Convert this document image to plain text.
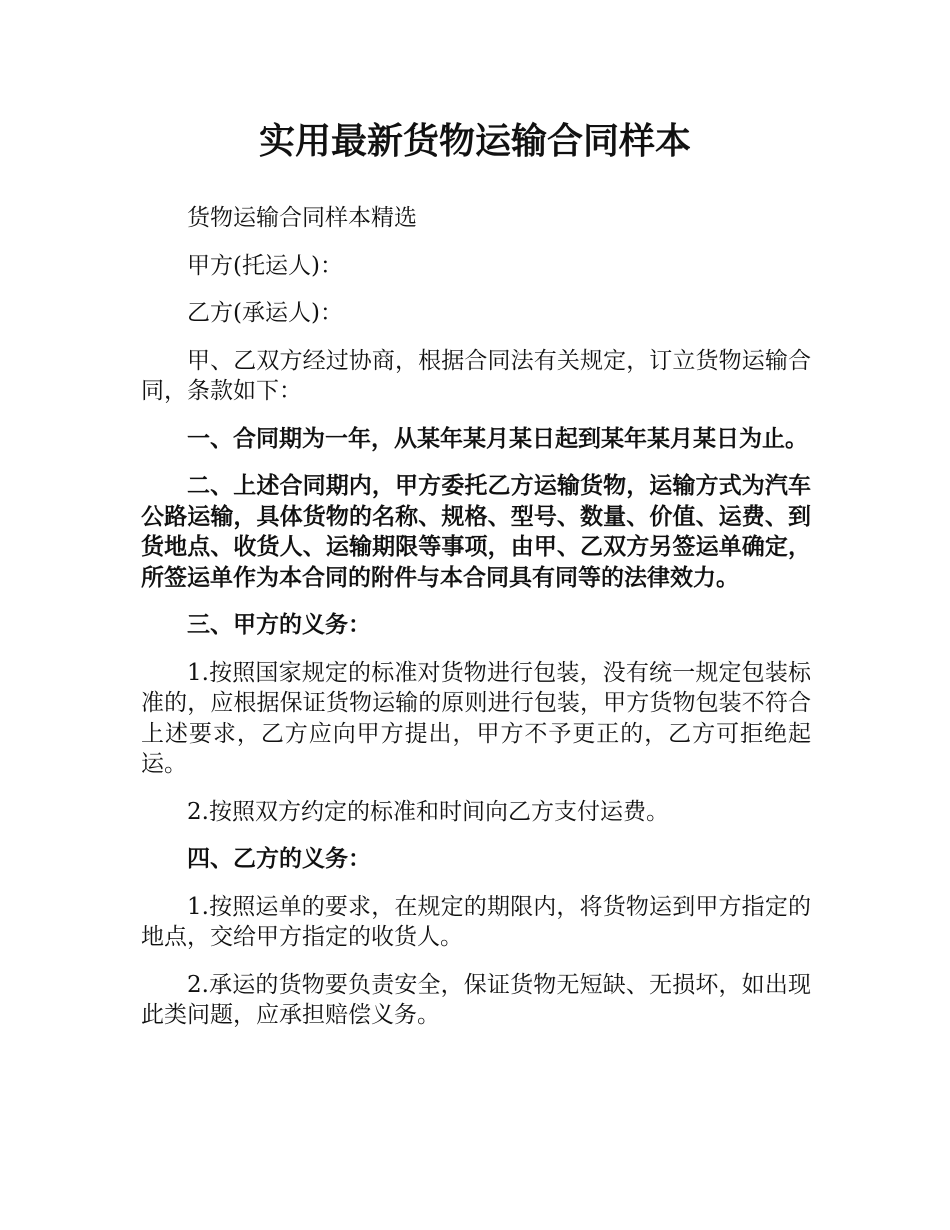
实用最新货物运输合同样本

货物运输合同样本精选

甲方(托运人)：

乙方(承运人)：

甲、乙双方经过协商，根据合同法有关规定，订立货物运输合同，条款如下：

一、合同期为一年，从某年某月某日起到某年某月某日为止。

二、上述合同期内，甲方委托乙方运输货物，运输方式为汽车公路运输，具体货物的名称、规格、型号、数量、价值、运费、到货地点、收货人、运输期限等事项，由甲、乙双方另签运单确定，所签运单作为本合同的附件与本合同具有同等的法律效力。

三、甲方的义务：

1.按照国家规定的标准对货物进行包装，没有统一规定包装标准的，应根据保证货物运输的原则进行包装，甲方货物包装不符合上述要求，乙方应向甲方提出，甲方不予更正的，乙方可拒绝起运。

2.按照双方约定的标准和时间向乙方支付运费。

四、乙方的义务：

1.按照运单的要求，在规定的期限内，将货物运到甲方指定的地点，交给甲方指定的收货人。

2.承运的货物要负责安全，保证货物无短缺、无损坏，如出现此类问题，应承担赔偿义务。
